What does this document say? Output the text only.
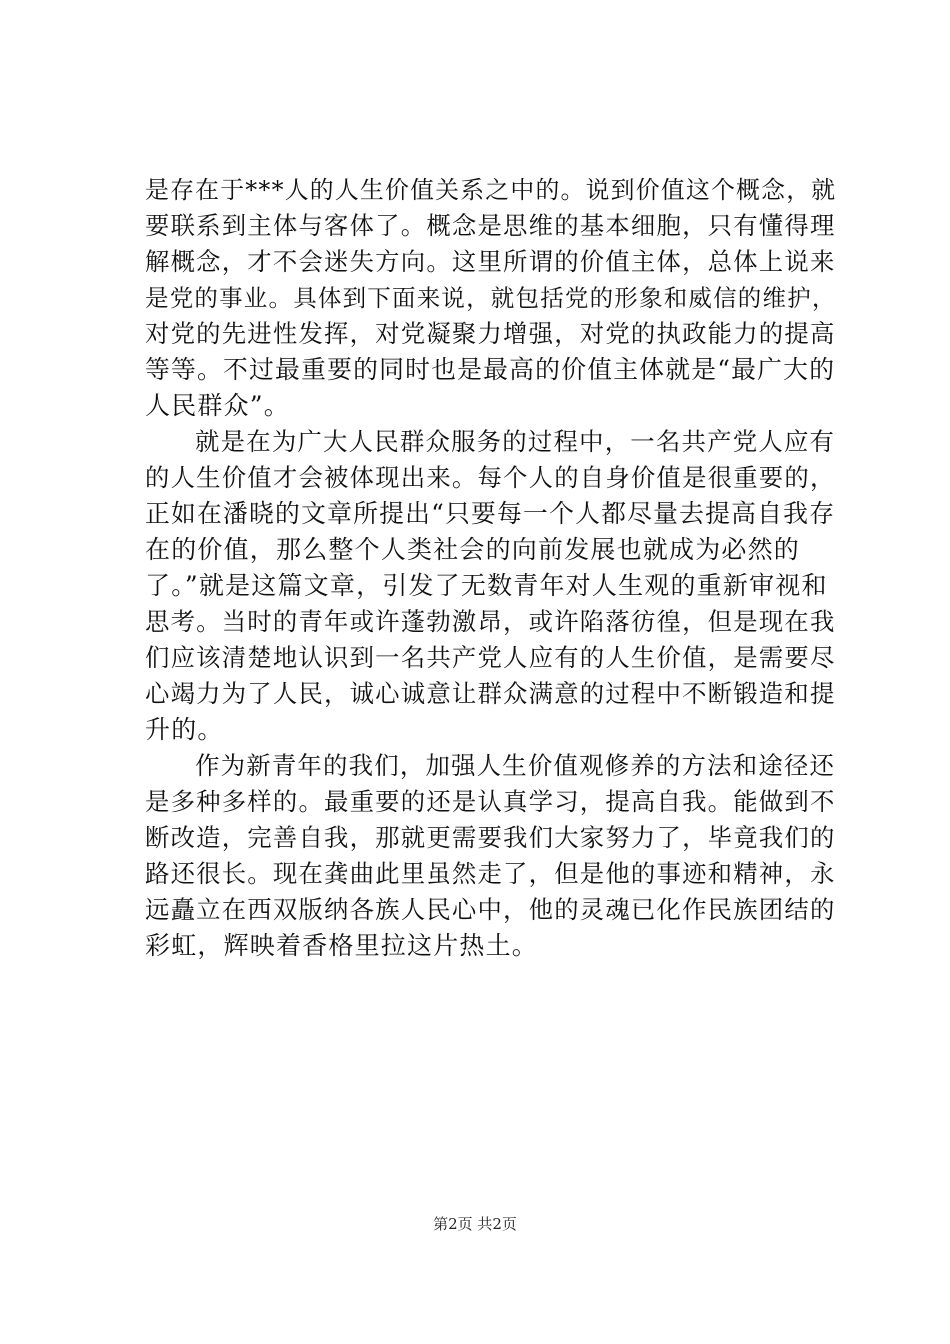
是存在于***人的人生价值关系之中的。说到价值这个概念，就
要联系到主体与客体了。概念是思维的基本细胞，只有懂得理
解概念，才不会迷失方向。这里所谓的价值主体，总体上说来
是党的事业。具体到下面来说，就包括党的形象和威信的维护，
对党的先进性发挥，对党凝聚力增强，对党的执政能力的提高
等等。不过最重要的同时也是最高的价值主体就是“最广大的
人民群众”。
就是在为广大人民群众服务的过程中，一名共产党人应有
的人生价值才会被体现出来。每个人的自身价值是很重要的，
正如在潘晓的文章所提出“只要每一个人都尽量去提高自我存
在的价值，那么整个人类社会的向前发展也就成为必然的
了。”就是这篇文章，引发了无数青年对人生观的重新审视和
思考。当时的青年或许蓬勃激昂，或许陷落彷徨，但是现在我
们应该清楚地认识到一名共产党人应有的人生价值，是需要尽
心竭力为了人民，诚心诚意让群众满意的过程中不断锻造和提
升的。
作为新青年的我们，加强人生价值观修养的方法和途径还
是多种多样的。最重要的还是认真学习，提高自我。能做到不
断改造，完善自我，那就更需要我们大家努力了，毕竟我们的
路还很长。现在龚曲此里虽然走了，但是他的事迹和精神，永
远矗立在西双版纳各族人民心中，他的灵魂已化作民族团结的
彩虹，辉映着香格里拉这片热土。
第2页 共2页
